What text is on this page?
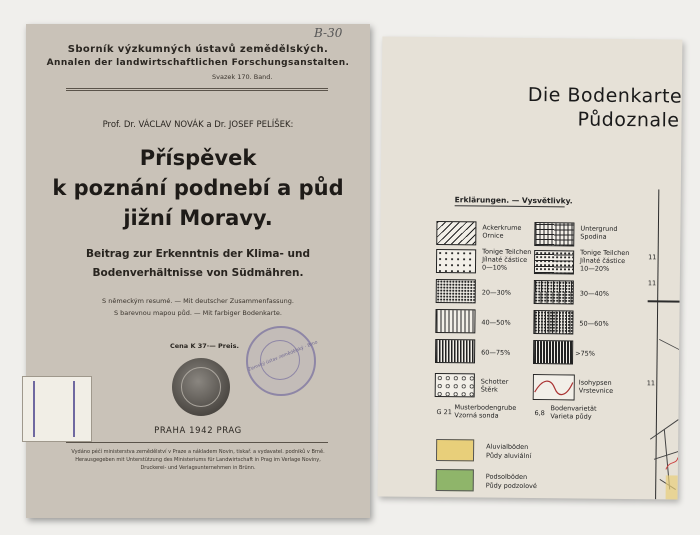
B-30
Sborník výzkumných ústavů zemědělských.
Annalen der landwirtschaftlichen Forschungsanstalten.
Svazek 170. Band.
Prof. Dr. VÁCLAV NOVÁK a Dr. JOSEF PELÍŠEK:
Příspěvek
k poznání podnebí a půd
jižní Moravy.
Beitrag zur Erkenntnis der Klima- und
Bodenverhältnisse von Südmähren.
S německým resumé. — Mit deutscher Zusammenfassung.
S barevnou mapou půd. — Mit farbiger Bodenkarte.
Cena K 37·— Preis. Zemský ústav zemědělský · Brno
PRAHA 1942 PRAG
Vydáno péčí ministerstva zemědělství v Praze a nákladem Novin, tiskař. a vydavatel. podniků v Brně.
Herausgegeben mit Unterstützung des Ministeriums für Landwirtschaft in Prag im Verlage Noviny,
Druckerei- und Verlagsunternehmen in Brünn.
Die Bodenkarte
Půdoznale
Erklärungen. — Vysvětlivky.
Ackerkrume
Ornice
Tonige Teilchen
Jílnaté částice
0—10%
20—30%
40—50%
60—75%
Schotter
Štěrk
G 21
Musterbodengrube
Vzorná sonda
Untergrund
Spodina
Tonige Teilchen
Jílnaté částice
10—20%
30—40%
50—60%
>75%
Isohypsen
Vrstevnice
6,8
Bodenvarietät
Varieta půdy
Aluvialböden
Půdy aluviální
Podsolböden
Půdy podzolové
11
11
11
